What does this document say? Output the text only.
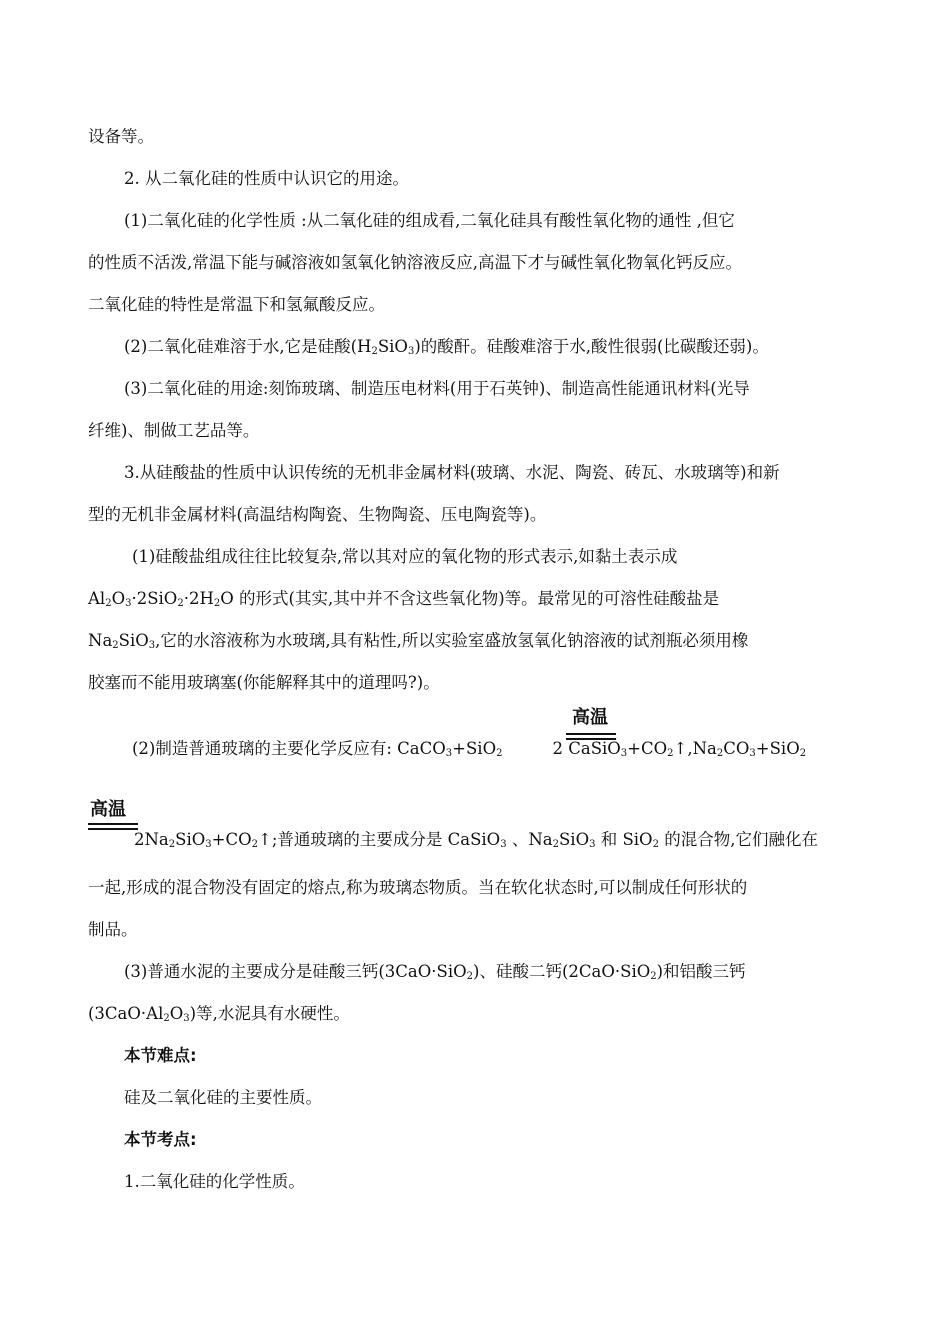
设备等。
2. 从二氧化硅的性质中认识它的用途。
(1)二氧化硅的化学性质 :从二氧化硅的组成看,二氧化硅具有酸性氧化物的通性 ,但它
的性质不活泼,常温下能与碱溶液如氢氧化钠溶液反应,高温下才与碱性氧化物氧化钙反应。
二氧化硅的特性是常温下和氢氟酸反应。
(2)二氧化硅难溶于水,它是硅酸$(H_2SiO_3)$的酸酐。硅酸难溶于水,酸性很弱(比碳酸还弱)。
(3)二氧化硅的用途:刻饰玻璃、制造压电材料(用于石英钟)、制造高性能通讯材料(光导
纤维)、制做工艺品等。
3.从硅酸盐的性质中认识传统的无机非金属材料(玻璃、水泥、陶瓷、砖瓦、水玻璃等)和新
型的无机非金属材料(高温结构陶瓷、生物陶瓷、压电陶瓷等)。
(1)硅酸盐组成往往比较复杂,常以其对应的氧化物的形式表示,如黏土表示成
$Al_2O_3\cdot 2SiO_2\cdot 2H_2O$ 的形式(其实,其中并不含这些氧化物)等。最常见的可溶性硅酸盐是
$Na_2SiO_3$,它的水溶液称为水玻璃,具有粘性,所以实验室盛放氢氧化钠溶液的试剂瓶必须用橡
胶塞而不能用玻璃塞(你能解释其中的道理吗?)。
高温
(2)制造普通玻璃的主要化学反应有: CaCO$_3$+SiO$_2$	2 $CaSiO_3+CO_2↑,Na_2CO_3+SiO_2$
高温
$2Na_2SiO_3+CO_2↑$;普通玻璃的主要成分是 CaSiO$_3$ 、$Na_2SiO_3$ 和 SiO$_2$ 的混合物,它们融化在
一起,形成的混合物没有固定的熔点,称为玻璃态物质。当在软化状态时,可以制成任何形状的
制品。
(3)普通水泥的主要成分是硅酸三钙(3CaO·SiO$_2$)、硅酸二钙(2CaO·SiO$_2$)和铝酸三钙
$(3CaO\cdot Al_2O_3)$等,水泥具有水硬性。
本节难点:
硅及二氧化硅的主要性质。
本节考点:
1.二氧化硅的化学性质。
